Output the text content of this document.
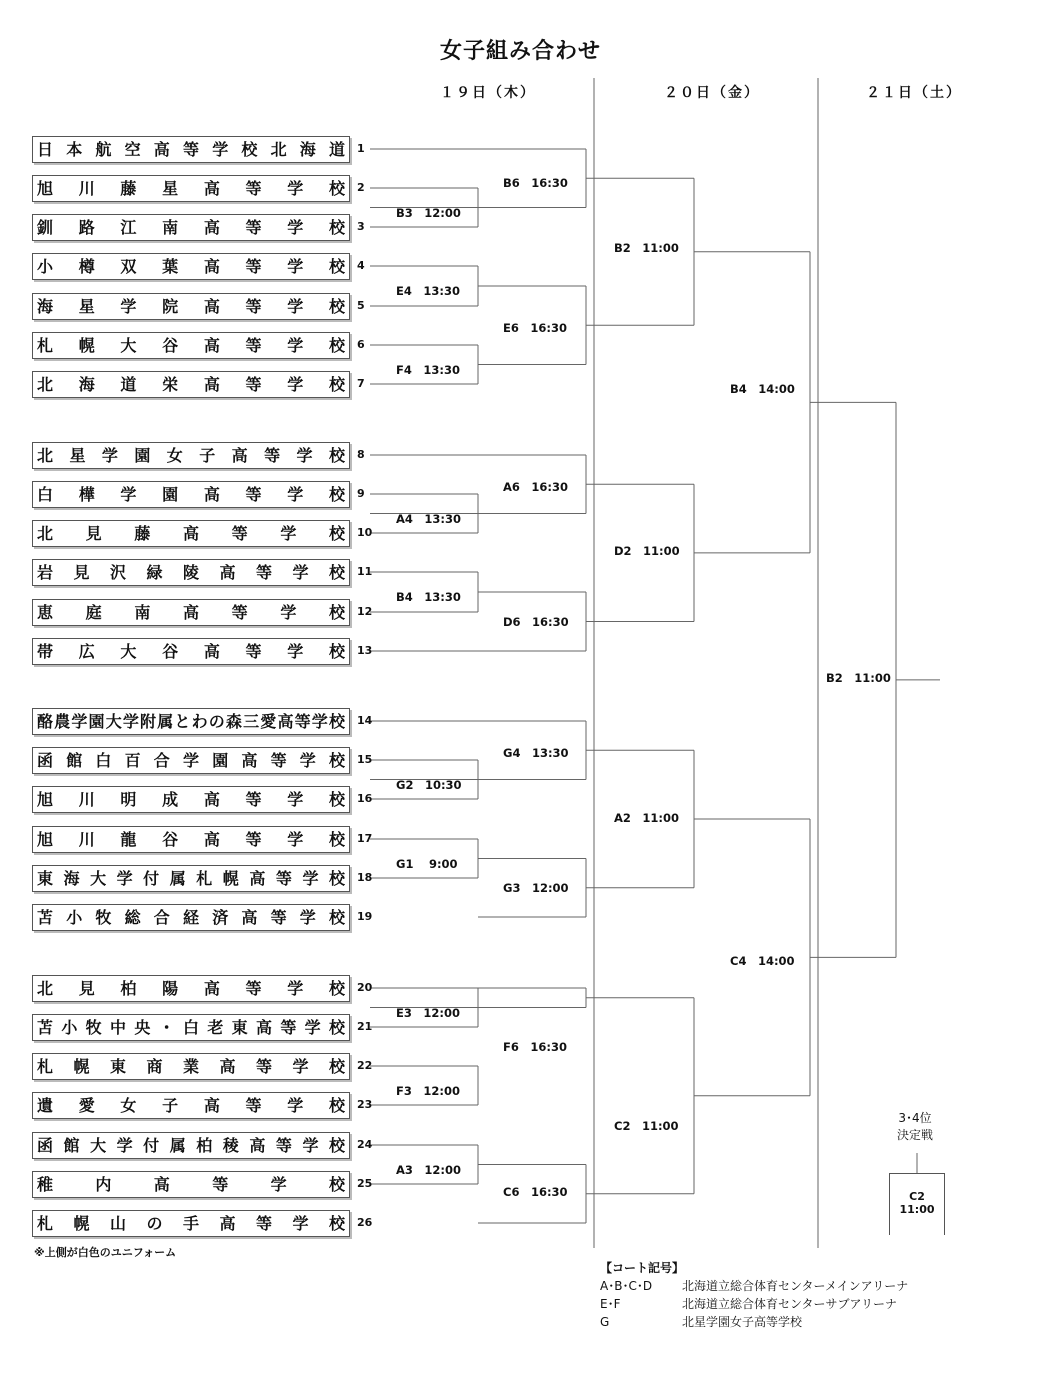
女子組み合わせ
１９日（木）	２０日（金）	２１日（土）
日本航空高等学校北海道	1
旭川藤星高等学校	2
釧路江南高等学校	3
小樽双葉高等学校	4
海星学院高等学校	5
札幌大谷高等学校	6
北海道栄高等学校	7
北星学園女子高等学校	8
白樺学園高等学校	9
北見藤高等学校	10
岩見沢緑陵高等学校	11
恵庭南高等学校	12
帯広大谷高等学校	13
酪農学園大学附属とわの森三愛高等学校	14
函館白百合学園高等学校	15
旭川明成高等学校	16
旭川龍谷高等学校	17
東海大学付属札幌高等学校	18
苫小牧総合経済高等学校	19
北見柏陽高等学校	20
苫小牧中央・白老東高等学校	21
札幌東商業高等学校	22
遺愛女子高等学校	23
函館大学付属柏稜高等学校	24
稚内高等学校	25
札幌山の手高等学校	26
B3　12:00
E4　13:30
F4　13:30
A4　13:30
B4　13:30
G2　10:30
G1　 9:00
E3　12:00
F3　12:00
A3　12:00
B6　16:30
E6　16:30
A6　16:30
D6　16:30
G4　13:30
G3　12:00
F6　16:30
C6　16:30
B2　11:00
D2　11:00
A2　11:00
C2　11:00
B4　14:00
C4　14:00
B2　11:00
※上側が白色のユニフォーム
3･4位
決定戦
C2
11:00
【コート記号】
A･B･C･D	北海道立総合体育センターメインアリーナ
E･F	北海道立総合体育センターサブアリーナ
G	北星学園女子高等学校
